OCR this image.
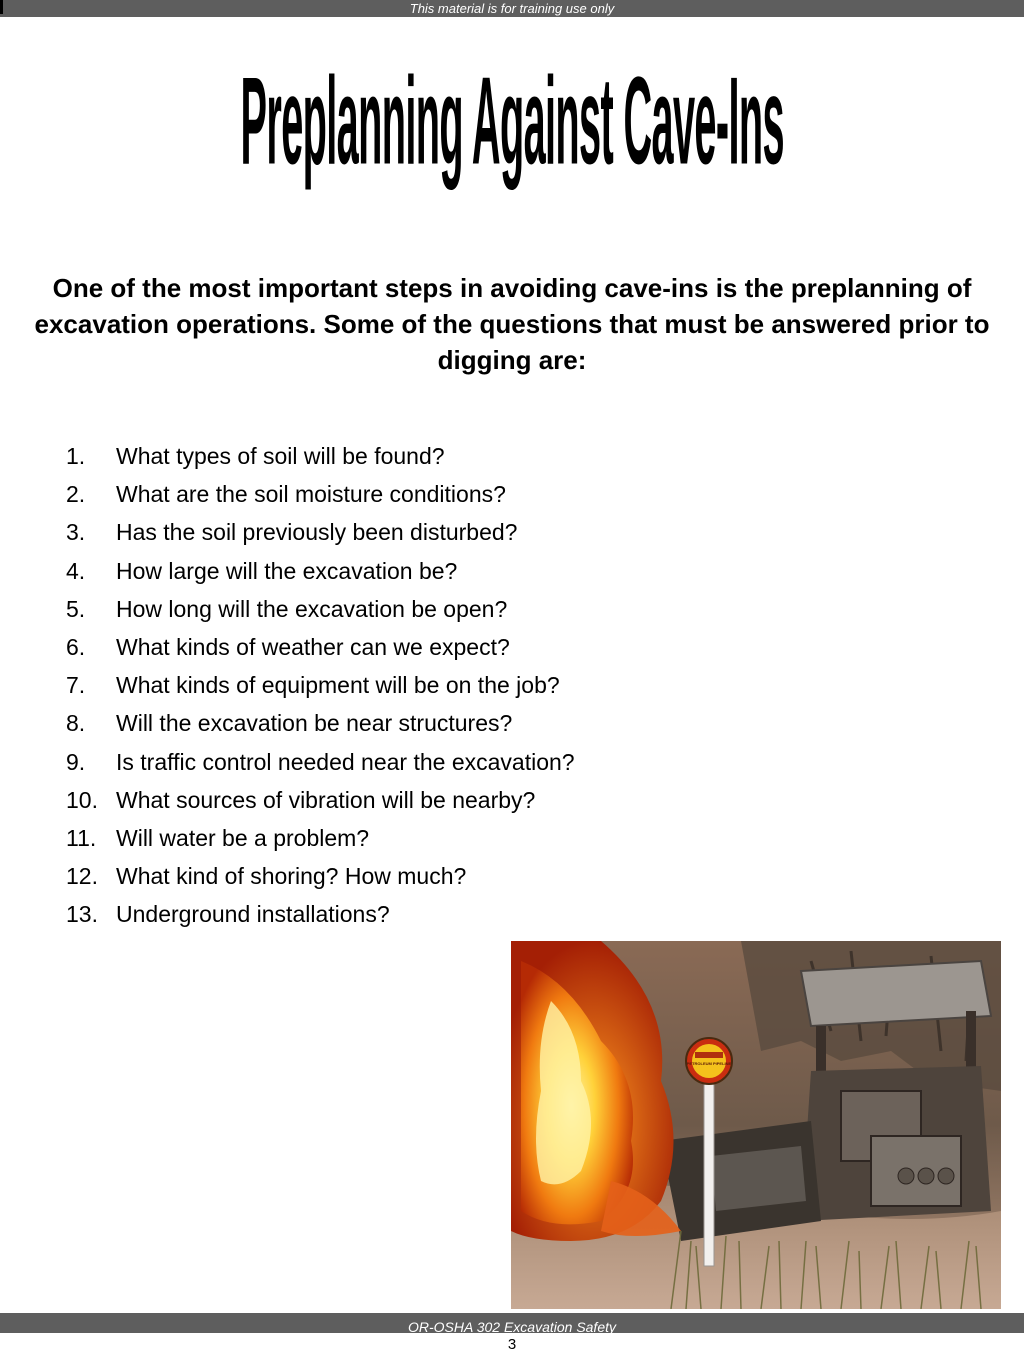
This material is for training use only
Preplanning Against Cave-Ins
One of the most important steps in avoiding cave-ins is the preplanning of excavation operations. Some of the questions that must be answered prior to digging are:
1. What types of soil will be found?
2. What are the soil moisture conditions?
3. Has the soil previously been disturbed?
4. How large will the excavation be?
5. How long will the excavation be open?
6. What kinds of weather can we expect?
7. What kinds of equipment will be on the job?
8. Will the excavation be near structures?
9. Is traffic control needed near the excavation?
10. What sources of vibration will be nearby?
11. Will water be a problem?
12. What kind of shoring? How much?
13. Underground installations?
PETROLEUM PIPELINE
OR-OSHA 302 Excavation Safety
3
